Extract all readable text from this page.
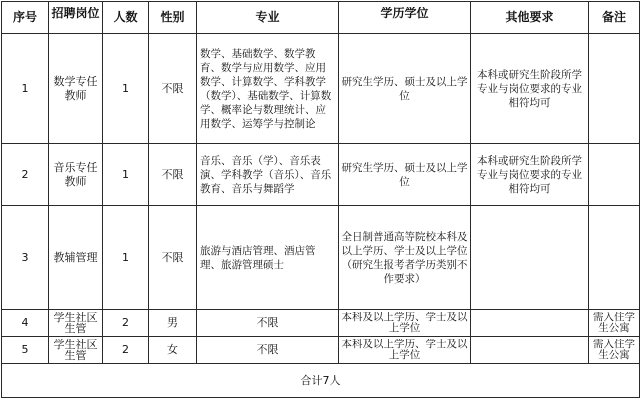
序号	招聘岗位	人数	性别	专业	学历学位	其他要求	备注
1	数学专任教师	1	不限	数学、基础数学、数学教育、数学与应用数学、应用数学、计算数学、学科教学（数学）、基础数学、计算数学、概率论与数理统计、应用数学、运筹学与控制论	研究生学历、硕士及以上学位	本科或研究生阶段所学专业与岗位要求的专业相符均可	
2	音乐专任教师	1	不限	音乐、音乐（学）、音乐表演、学科教学（音乐）、音乐教育、音乐与舞蹈学	研究生学历、硕士及以上学位	本科或研究生阶段所学专业与岗位要求的专业相符均可	
3	教辅管理	1	不限	旅游与酒店管理、酒店管理、旅游管理硕士	全日制普通高等院校本科及以上学历、学士及以上学位（研究生报考者学历类别不作要求）		
4	学生社区生管	2	男	不限	本科及以上学历、学士及以上学位		需入住学生公寓

5	学生社区生管	2	女	不限	本科及以上学历、学士及以上学位		需入住学生公寓

合计7人							
